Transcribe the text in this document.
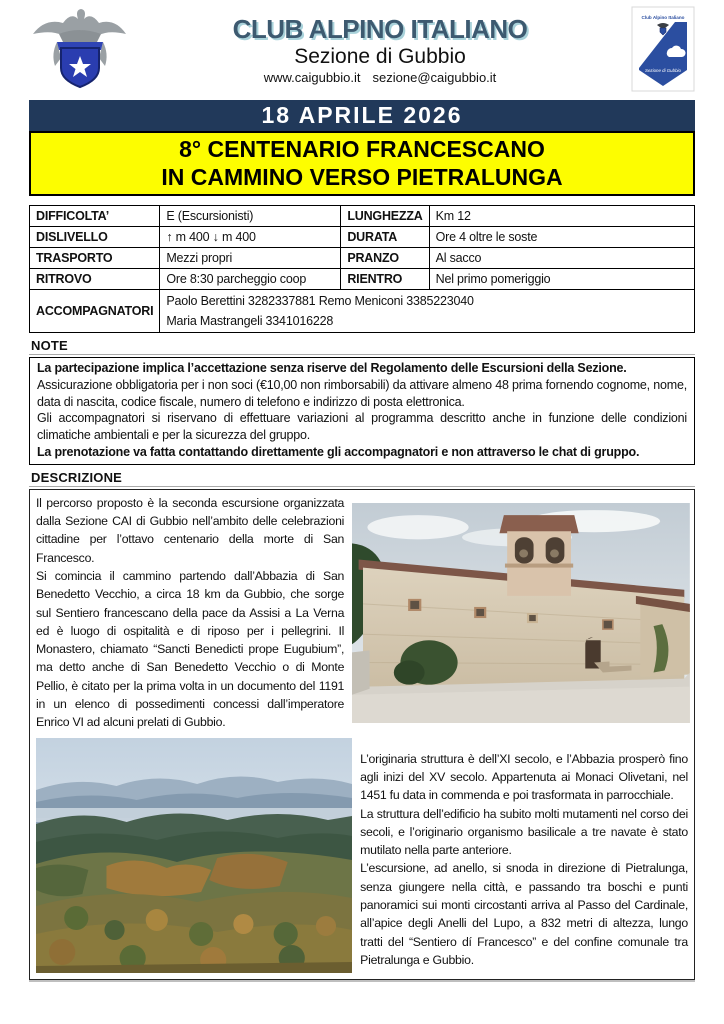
CLUB ALPINO ITALIANO
Sezione di Gubbio
www.caigubbio.it sezione@caigubbio.it
Club Alpino Italiano
Sezione di Gubbio
18 APRILE 2026
8° CENTENARIO FRANCESCANO
IN CAMMINO VERSO PIETRALUNGA
DIFFICOLTA’	E (Escursionisti)	LUNGHEZZA	Km 12
DISLIVELLO	↑ m 400 ↓ m 400	DURATA	Ore 4 oltre le soste
TRASPORTO	Mezzi propri	PRANZO	Al sacco
RITROVO	Ore 8:30 parcheggio coop	RIENTRO	Nel primo pomeriggio
ACCOMPAGNATORI	Paolo Berettini 3282337881 Remo Meniconi 3385223040
Maria Mastrangeli 3341016228		
NOTE

La partecipazione implica l’accettazione senza riserve del Regolamento delle Escursioni della Sezione.

Assicurazione obbligatoria per i non soci (€10,00 non rimborsabili) da attivare almeno 48 prima fornendo cognome, nome, data di nascita, codice fiscale, numero di telefono e indirizzo di posta elettronica.

Gli accompagnatori si riservano di effettuare variazioni al programma descritto anche in funzione delle condizioni climatiche ambientali e per la sicurezza del gruppo.

La prenotazione va fatta contattando direttamente gli accompagnatori e non attraverso le chat di gruppo.

DESCRIZIONE

Il percorso proposto è la seconda escursione organizzata dalla Sezione CAI di Gubbio nell’ambito delle celebrazioni cittadine per l’ottavo centenario della morte di San Francesco.

Si comincia il cammino partendo dall’Abbazia di San Benedetto Vecchio, a circa 18 km da Gubbio, che sorge sul Sentiero francescano della pace da Assisi a La Verna ed è luogo di ospitalità e di riposo per i pellegrini. Il Monastero, chiamato “Sancti Benedicti prope Eugubium”, ma detto anche di San Benedetto Vecchio o di Monte Pellio, è citato per la prima volta in un documento del 1191 in un elenco di possedimenti concessi dall’imperatore Enrico VI ad alcuni prelati di Gubbio.

L’originaria struttura è dell’XI secolo, e l’Abbazia prosperò fino agli inizi del XV secolo. Appartenuta ai Monaci Olivetani, nel 1451 fu data in commenda e poi trasformata in parrocchiale.

La struttura dell’edificio ha subito molti mutamenti nel corso dei secoli, e l’originario organismo basilicale a tre navate è stato mutilato nella parte anteriore.

L’escursione, ad anello, si snoda in direzione di Pietralunga, senza giungere nella città, e passando tra boschi e punti panoramici sui monti circostanti arriva al Passo del Cardinale, all’apice degli Anelli del Lupo, a 832 metri di altezza, lungo tratti del “Sentiero dí Francesco” e del confine comunale tra Pietralunga e Gubbio.
